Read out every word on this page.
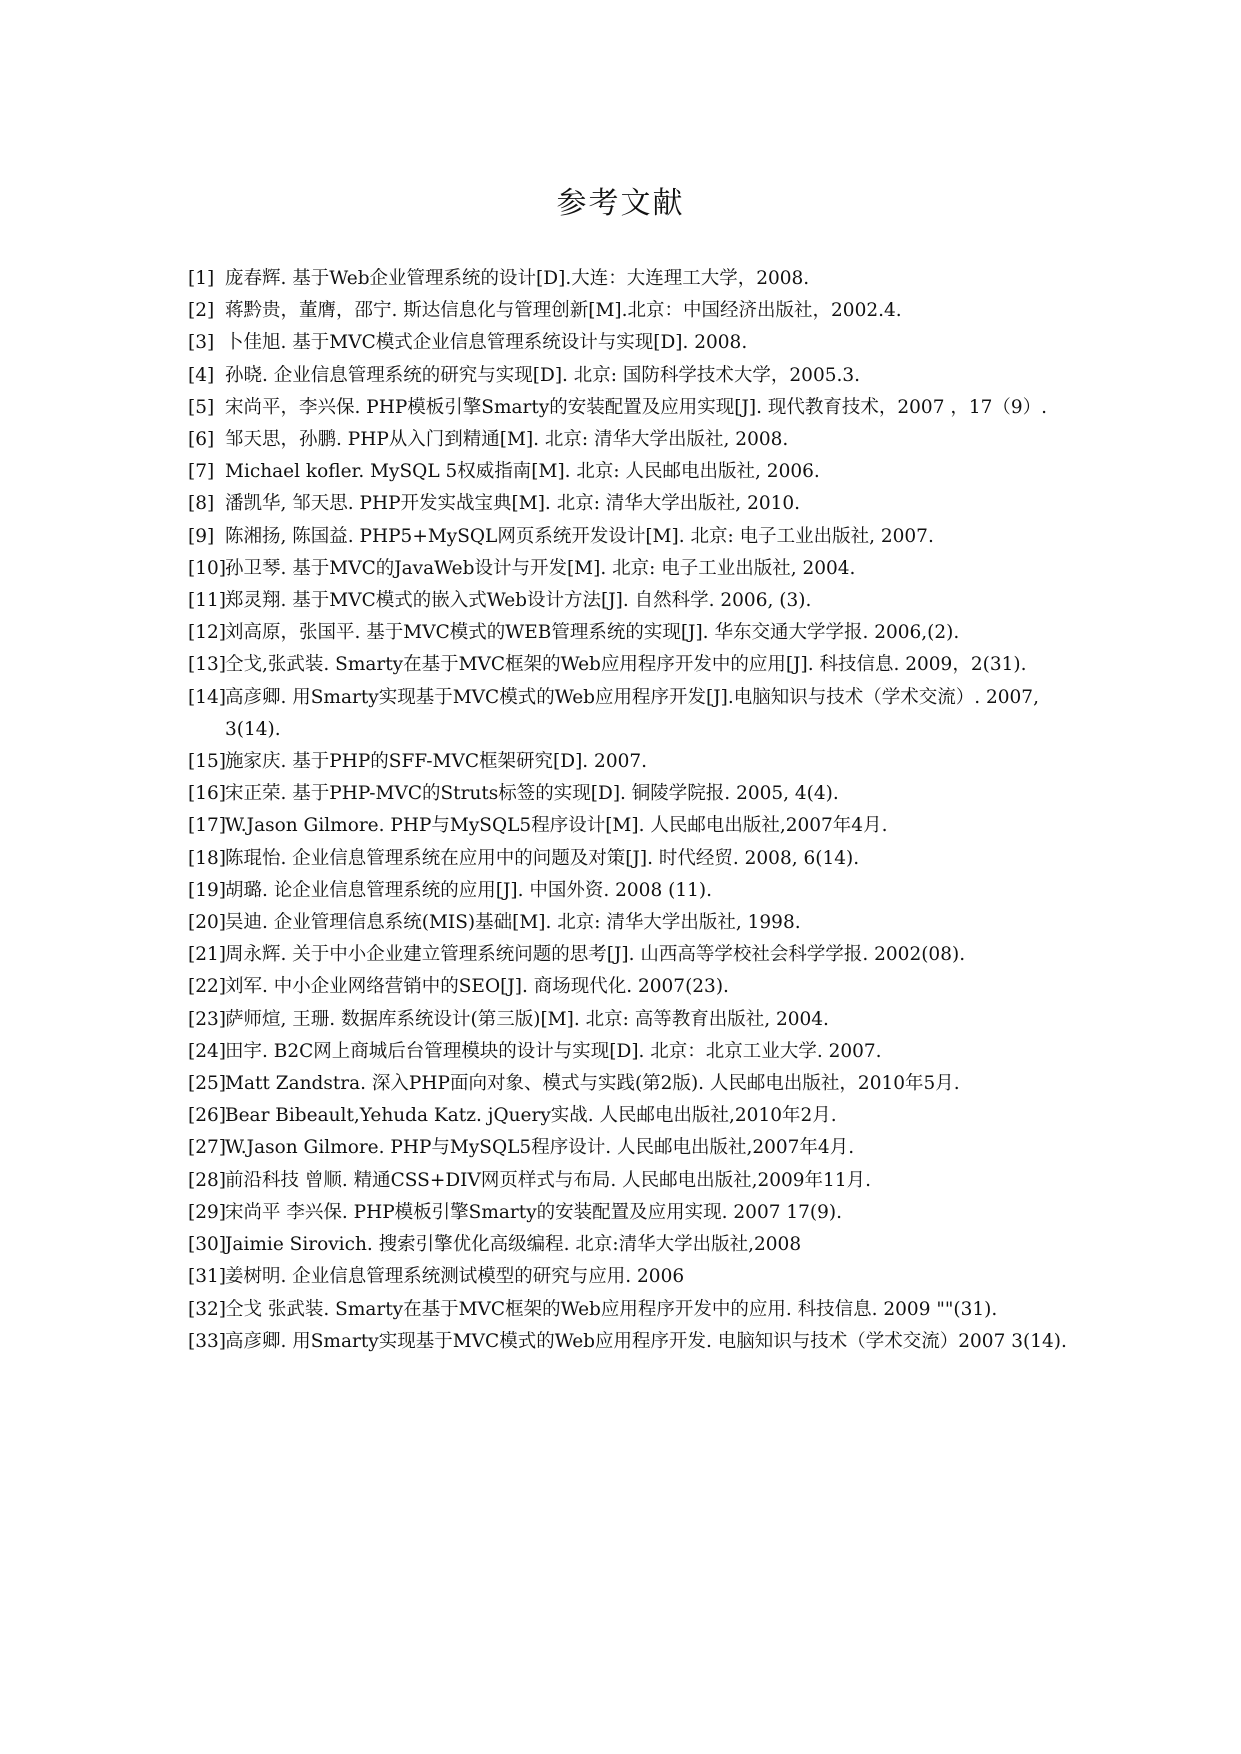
参考文献
[1] 庞春辉. 基于Web企业管理系统的设计[D].大连：大连理工大学，2008.
[2] 蒋黔贵，董膺，邵宁. 斯达信息化与管理创新[M].北京：中国经济出版社，2002.4.
[3] 卜佳旭. 基于MVC模式企业信息管理系统设计与实现[D]. 2008.
[4] 孙晓. 企业信息管理系统的研究与实现[D]. 北京: 国防科学技术大学，2005.3.
[5] 宋尚平，李兴保. PHP模板引擎Smarty的安装配置及应用实现[J]. 现代教育技术，2007 ，17（9）.
[6] 邹天思，孙鹏. PHP从入门到精通[M]. 北京: 清华大学出版社, 2008.
[7] Michael kofler. MySQL 5权威指南[M]. 北京: 人民邮电出版社, 2006.
[8] 潘凯华, 邹天思. PHP开发实战宝典[M]. 北京: 清华大学出版社, 2010.
[9] 陈湘扬, 陈国益. PHP5+MySQL网页系统开发设计[M]. 北京: 电子工业出版社, 2007.
[10] 孙卫琴. 基于MVC的JavaWeb设计与开发[M]. 北京: 电子工业出版社, 2004.
[11] 郑灵翔. 基于MVC模式的嵌入式Web设计方法[J]. 自然科学. 2006, (3).
[12] 刘高原，张国平. 基于MVC模式的WEB管理系统的实现[J]. 华东交通大学学报. 2006,(2).
[13] 仝戈,张武装. Smarty在基于MVC框架的Web应用程序开发中的应用[J]. 科技信息. 2009，2(31).
[14] 高彦卿. 用Smarty实现基于MVC模式的Web应用程序开发[J].电脑知识与技术（学术交流）. 2007, 3(14).
[15] 施家庆. 基于PHP的SFF-MVC框架研究[D]. 2007.
[16] 宋正荣. 基于PHP-MVC的Struts标签的实现[D]. 铜陵学院报. 2005, 4(4).
[17] W.Jason Gilmore. PHP与MySQL5程序设计[M]. 人民邮电出版社,2007年4月.
[18] 陈琨怡. 企业信息管理系统在应用中的问题及对策[J]. 时代经贸. 2008, 6(14).
[19] 胡璐. 论企业信息管理系统的应用[J]. 中国外资. 2008 (11).
[20] 吴迪. 企业管理信息系统(MIS)基础[M]. 北京: 清华大学出版社, 1998.
[21] 周永辉. 关于中小企业建立管理系统问题的思考[J]. 山西高等学校社会科学学报. 2002(08).
[22] 刘军. 中小企业网络营销中的SEO[J]. 商场现代化. 2007(23).
[23] 萨师煊, 王珊. 数据库系统设计(第三版)[M]. 北京: 高等教育出版社, 2004.
[24] 田宇. B2C网上商城后台管理模块的设计与实现[D]. 北京：北京工业大学. 2007.
[25] Matt Zandstra. 深入PHP面向对象、模式与实践(第2版). 人民邮电出版社，2010年5月.
[26] Bear Bibeault,Yehuda Katz. jQuery实战. 人民邮电出版社,2010年2月.
[27] W.Jason Gilmore. PHP与MySQL5程序设计. 人民邮电出版社,2007年4月.
[28] 前沿科技 曾顺. 精通CSS+DIV网页样式与布局. 人民邮电出版社,2009年11月.
[29] 宋尚平 李兴保. PHP模板引擎Smarty的安装配置及应用实现. 2007 17(9).
[30] Jaimie Sirovich. 搜索引擎优化高级编程. 北京:清华大学出版社,2008
[31] 姜树明. 企业信息管理系统测试模型的研究与应用. 2006
[32] 仝戈 张武装. Smarty在基于MVC框架的Web应用程序开发中的应用. 科技信息. 2009 ""(31).
[33] 高彦卿. 用Smarty实现基于MVC模式的Web应用程序开发. 电脑知识与技术（学术交流）2007 3(14).
